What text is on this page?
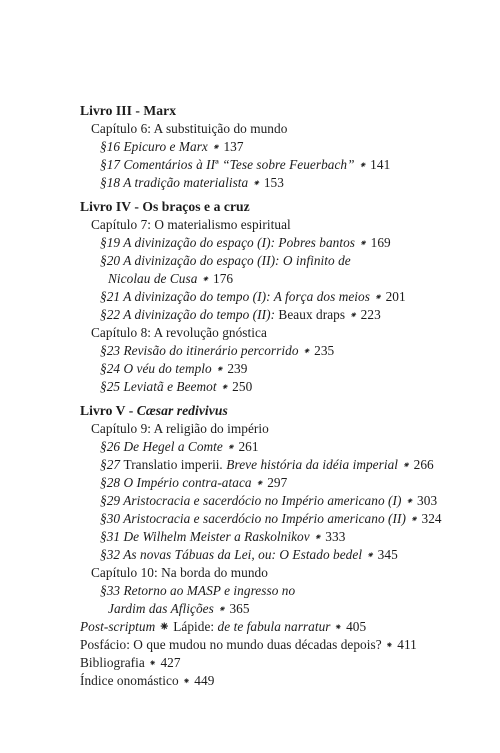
Livro III - Marx
Capítulo 6: A substituição do mundo
§16 Epicuro e Marx ⁕ 137
§17 Comentários à IIª “Tese sobre Feuerbach” ⁕ 141
§18 A tradição materialista ⁕ 153
Livro IV - Os braços e a cruz
Capítulo 7: O materialismo espiritual
§19 A divinização do espaço (I): Pobres bantos ⁕ 169
§20 A divinização do espaço (II): O infinito de
Nicolau de Cusa ⁕ 176
§21 A divinização do tempo (I): A força dos meios ⁕ 201
§22 A divinização do tempo (II): Beaux draps ⁕ 223
Capítulo 8: A revolução gnóstica
§23 Revisão do itinerário percorrido ⁕ 235
§24 O véu do templo ⁕ 239
§25 Leviatã e Beemot ⁕ 250
Livro V - Cæsar redivivus
Capítulo 9: A religião do império
§26 De Hegel a Comte ⁕ 261
§27 Translatio imperii. Breve história da idéia imperial ⁕ 266
§28 O Império contra-ataca ⁕ 297
§29 Aristocracia e sacerdócio no Império americano (I) ⁕ 303
§30 Aristocracia e sacerdócio no Império americano (II) ⁕ 324
§31 De Wilhelm Meister a Raskolnikov ⁕ 333
§32 As novas Tábuas da Lei, ou: O Estado bedel ⁕ 345
Capítulo 10: Na borda do mundo
§33 Retorno ao MASP e ingresso no
Jardim das Aflições ⁕ 365
Post-scriptum ⁕ Lápide: de te fabula narratur ⁕ 405
Posfácio: O que mudou no mundo duas décadas depois? ⁕ 411
Bibliografia ⁕ 427
Índice onomástico ⁕ 449
